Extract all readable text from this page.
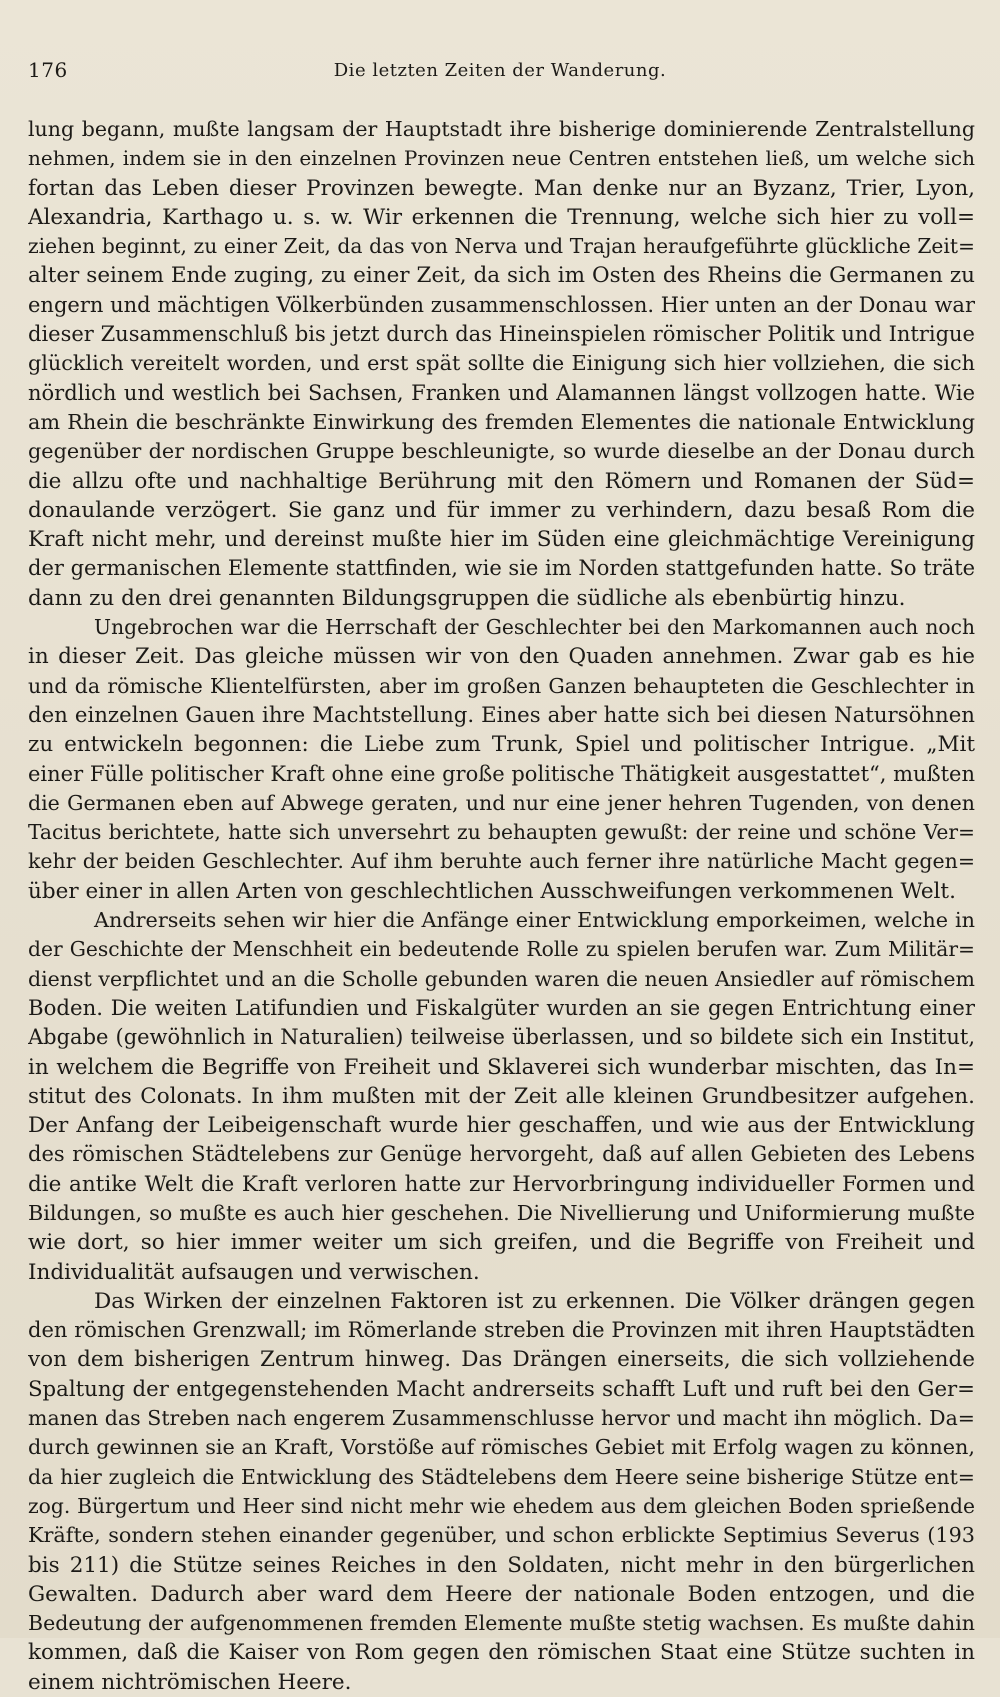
176	Die letzten Zeiten der Wanderung.
lung begann, mußte langsam der Hauptstadt ihre bisherige dominierende Zentralstellung
nehmen, indem sie in den einzelnen Provinzen neue Centren entstehen ließ, um welche sich
fortan das Leben dieser Provinzen bewegte. Man denke nur an Byzanz, Trier, Lyon,
Alexandria, Karthago u. s. w. Wir erkennen die Trennung, welche sich hier zu voll=
ziehen beginnt, zu einer Zeit, da das von Nerva und Trajan heraufgeführte glückliche Zeit=
alter seinem Ende zuging, zu einer Zeit, da sich im Osten des Rheins die Germanen zu
engern und mächtigen Völkerbünden zusammenschlossen. Hier unten an der Donau war
dieser Zusammenschluß bis jetzt durch das Hineinspielen römischer Politik und Intrigue
glücklich vereitelt worden, und erst spät sollte die Einigung sich hier vollziehen, die sich
nördlich und westlich bei Sachsen, Franken und Alamannen längst vollzogen hatte. Wie
am Rhein die beschränkte Einwirkung des fremden Elementes die nationale Entwicklung
gegenüber der nordischen Gruppe beschleunigte, so wurde dieselbe an der Donau durch
die allzu ofte und nachhaltige Berührung mit den Römern und Romanen der Süd=
donaulande verzögert. Sie ganz und für immer zu verhindern, dazu besaß Rom die
Kraft nicht mehr, und dereinst mußte hier im Süden eine gleichmächtige Vereinigung
der germanischen Elemente stattfinden, wie sie im Norden stattgefunden hatte. So träte
dann zu den drei genannten Bildungsgruppen die südliche als ebenbürtig hinzu.
Ungebrochen war die Herrschaft der Geschlechter bei den Markomannen auch noch
in dieser Zeit. Das gleiche müssen wir von den Quaden annehmen. Zwar gab es hie
und da römische Klientelfürsten, aber im großen Ganzen behaupteten die Geschlechter in
den einzelnen Gauen ihre Machtstellung. Eines aber hatte sich bei diesen Natursöhnen
zu entwickeln begonnen: die Liebe zum Trunk, Spiel und politischer Intrigue. „Mit
einer Fülle politischer Kraft ohne eine große politische Thätigkeit ausgestattet“, mußten
die Germanen eben auf Abwege geraten, und nur eine jener hehren Tugenden, von denen
Tacitus berichtete, hatte sich unversehrt zu behaupten gewußt: der reine und schöne Ver=
kehr der beiden Geschlechter. Auf ihm beruhte auch ferner ihre natürliche Macht gegen=
über einer in allen Arten von geschlechtlichen Ausschweifungen verkommenen Welt.
Andrerseits sehen wir hier die Anfänge einer Entwicklung emporkeimen, welche in
der Geschichte der Menschheit ein bedeutende Rolle zu spielen berufen war. Zum Militär=
dienst verpflichtet und an die Scholle gebunden waren die neuen Ansiedler auf römischem
Boden. Die weiten Latifundien und Fiskalgüter wurden an sie gegen Entrichtung einer
Abgabe (gewöhnlich in Naturalien) teilweise überlassen, und so bildete sich ein Institut,
in welchem die Begriffe von Freiheit und Sklaverei sich wunderbar mischten, das In=
stitut des Colonats. In ihm mußten mit der Zeit alle kleinen Grundbesitzer aufgehen.
Der Anfang der Leibeigenschaft wurde hier geschaffen, und wie aus der Entwicklung
des römischen Städtelebens zur Genüge hervorgeht, daß auf allen Gebieten des Lebens
die antike Welt die Kraft verloren hatte zur Hervorbringung individueller Formen und
Bildungen, so mußte es auch hier geschehen. Die Nivellierung und Uniformierung mußte
wie dort, so hier immer weiter um sich greifen, und die Begriffe von Freiheit und
Individualität aufsaugen und verwischen.
Das Wirken der einzelnen Faktoren ist zu erkennen. Die Völker drängen gegen
den römischen Grenzwall; im Römerlande streben die Provinzen mit ihren Hauptstädten
von dem bisherigen Zentrum hinweg. Das Drängen einerseits, die sich vollziehende
Spaltung der entgegenstehenden Macht andrerseits schafft Luft und ruft bei den Ger=
manen das Streben nach engerem Zusammenschlusse hervor und macht ihn möglich. Da=
durch gewinnen sie an Kraft, Vorstöße auf römisches Gebiet mit Erfolg wagen zu können,
da hier zugleich die Entwicklung des Städtelebens dem Heere seine bisherige Stütze ent=
zog. Bürgertum und Heer sind nicht mehr wie ehedem aus dem gleichen Boden sprießende
Kräfte, sondern stehen einander gegenüber, und schon erblickte Septimius Severus (193
bis 211) die Stütze seines Reiches in den Soldaten, nicht mehr in den bürgerlichen
Gewalten. Dadurch aber ward dem Heere der nationale Boden entzogen, und die
Bedeutung der aufgenommenen fremden Elemente mußte stetig wachsen. Es mußte dahin
kommen, daß die Kaiser von Rom gegen den römischen Staat eine Stütze suchten in
einem nichtrömischen Heere.
